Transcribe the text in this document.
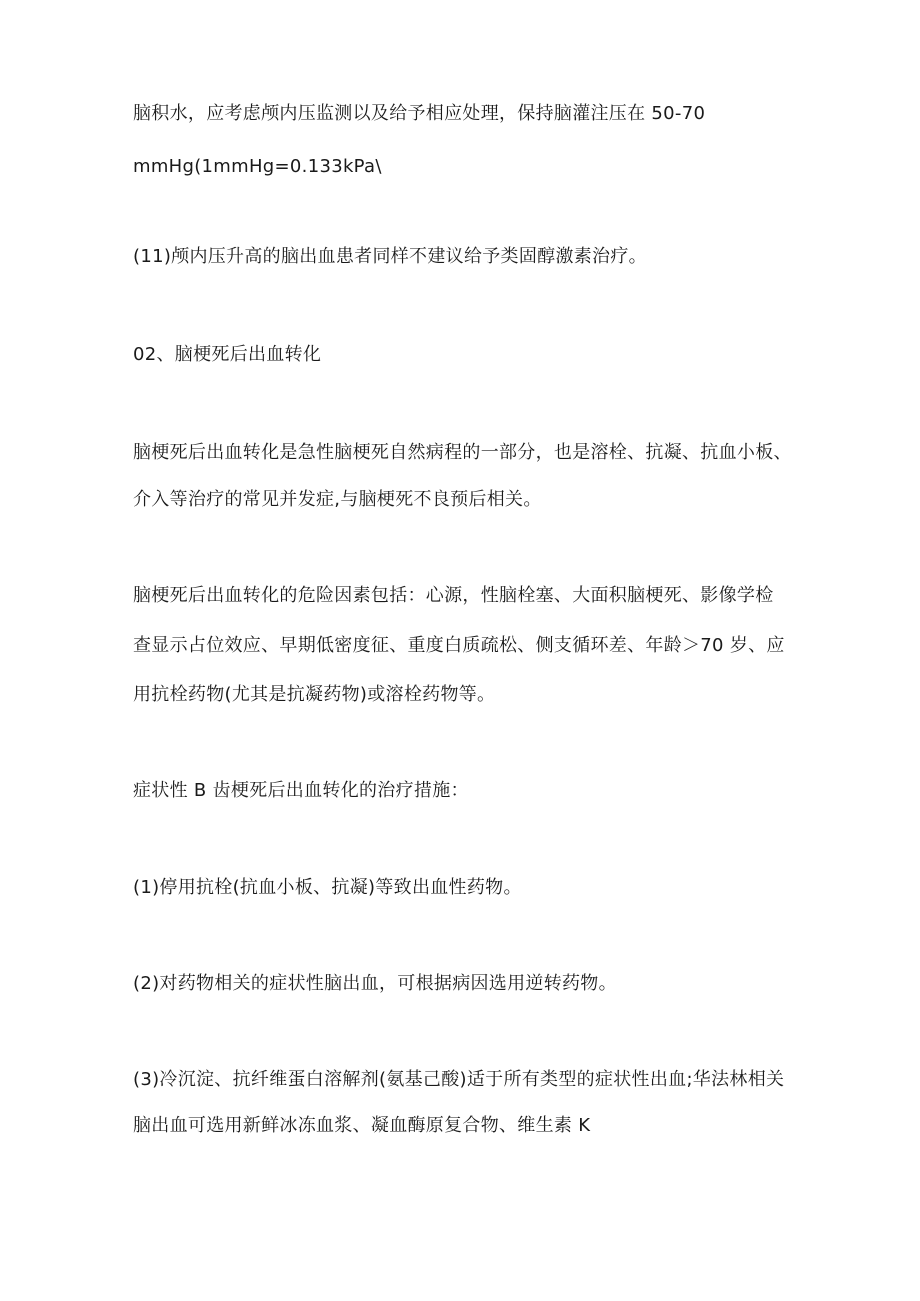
脑积水，应考虑颅内压监测以及给予相应处理，保持脑灌注压在 50-70
mmHg(1mmHg=0.133kPa\
(11)颅内压升高的脑出血患者同样不建议给予类固醇激素治疗。
02、脑梗死后出血转化
脑梗死后出血转化是急性脑梗死自然病程的一部分，也是溶栓、抗凝、抗血小板、
介入等治疗的常见并发症,与脑梗死不良预后相关。
脑梗死后出血转化的危险因素包括：心源，性脑栓塞、大面积脑梗死、影像学检
查显示占位效应、早期低密度征、重度白质疏松、侧支循环差、年龄＞70 岁、应
用抗栓药物(尤其是抗凝药物)或溶栓药物等。
症状性 B 齿梗死后出血转化的治疗措施：
(1)停用抗栓(抗血小板、抗凝)等致出血性药物。
(2)对药物相关的症状性脑出血，可根据病因选用逆转药物。
(3)冷沉淀、抗纤维蛋白溶解剂(氨基己酸)适于所有类型的症状性出血;华法林相关
脑出血可选用新鲜冰冻血浆、凝血酶原复合物、维生素 K
